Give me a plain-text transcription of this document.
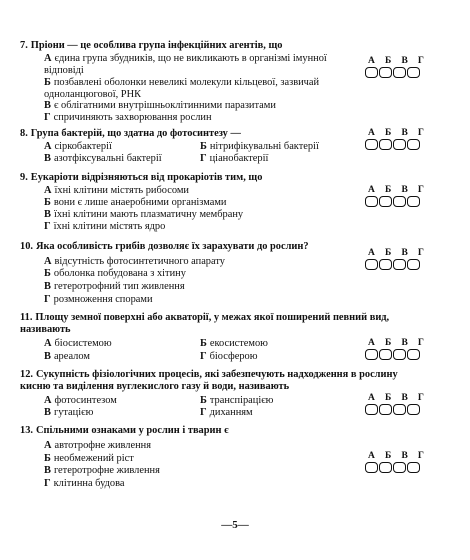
7. Пріони — це особлива група інфекційних агентів, що
А єдина група збудників, що не викликають в організмі імунної відповіді
Б позбавлені оболонки невеликі молекули кільцевої, зазвичай одноланцюгової, РНК
В є облігатними внутрішньоклітинними паразитами
Г спричиняють захворювання рослин
А Б В Г
8. Група бактерій, що здатна до фотосинтезу —
А сіркобактерії	Б нітрифікувальні бактерії
В азотфіксувальні бактерії	Г ціанобактерії
А Б В Г
9. Еукаріоти відрізняються від прокаріотів тим, що
А їхні клітини містять рибосоми
Б вони є лише анаеробними організмами
В їхні клітини мають плазматичну мембрану
Г їхні клітини містять ядро
А Б В Г
10. Яка особливість грибів дозволяє їх зарахувати до рослин?
А відсутність фотосинтетичного апарату
Б оболонка побудована з хітину
В гетеротрофний тип живлення
Г розмноження спорами
А Б В Г
11. Площу земної поверхні або акваторії, у межах якої поширений певний вид, називають
А біосистемою	Б екосистемою
В ареалом	Г біосферою
А Б В Г
12. Сукупність фізіологічних процесів, які забезпечують надходження в рослину кисню та виділення вуглекислого газу й води, називають
А фотосинтезом	Б транспірацією
В гутацією	Г диханням
А Б В Г
13. Спільними ознаками у рослин і тварин є
А автотрофне живлення
Б необмежений ріст
В гетеротрофне живлення
Г клітинна будова
А Б В Г
—5—
